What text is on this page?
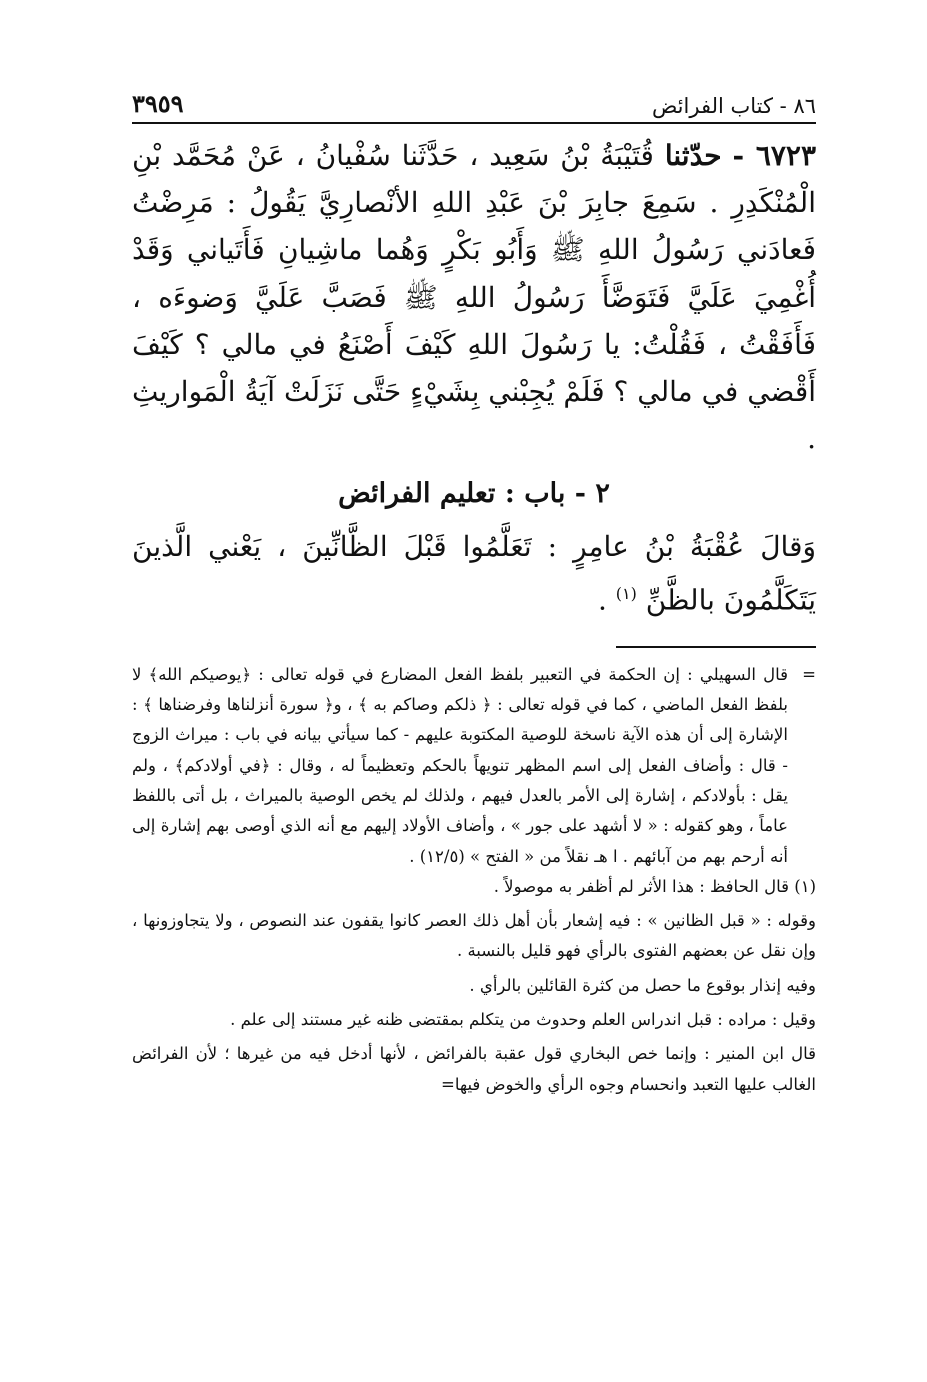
٨٦ - كتاب الفرائض
٣٩٥٩

٦٧٢٣ - حدّثنا قُتَيْبَةُ بْنُ سَعِيد ، حَدَّثَنا سُفْيانُ ، عَنْ مُحَمَّد بْنِ الْمُنْكَدِرِ . سَمِعَ جابِرَ بْنَ عَبْدِ اللهِ الأنْصارِيَّ يَقُولُ : مَرِضْتُ فَعادَني رَسُولُ اللهِ ﷺ وَأَبُو بَكْرٍ وَهُما ماشِيانِ فَأَتَياني وَقَدْ أُغْمِيَ عَلَيَّ فَتَوَضَّأَ رَسُولُ اللهِ ﷺ فَصَبَّ عَلَيَّ وَضوءَه ، فَأَفَقْتُ ، فَقُلْتُ: يا رَسُولَ اللهِ كَيْفَ أَصْنَعُ في مالي ؟ كَيْفَ أَقْضي في مالي ؟ فَلَمْ يُجِبْني بِشَيْءٍ حَتَّى نَزَلَتْ آيَةُ الْمَواريثِ .

٢ - باب : تعليم الفرائض

وَقالَ عُقْبَةُ بْنُ عامِرٍ : تَعَلَّمُوا قَبْلَ الظَّانِّينَ ، يَعْني الَّذينَ يَتَكَلَّمُونَ بالظَّنِّ $^{(١)}$ .

=
قال السهيلي : إن الحكمة في التعبير بلفظ الفعل المضارع في قوله تعالى : ﴿يوصيكم الله﴾ لا بلفظ الفعل الماضي ، كما في قوله تعالى : ﴿ ذلكم وصاكم به ﴾ ، و﴿ سورة أنزلناها وفرضناها ﴾ : الإشارة إلى أن هذه الآية ناسخة للوصية المكتوبة عليهم - كما سيأتي بيانه في باب : ميراث الزوج - قال : وأضاف الفعل إلى اسم المظهر تنويهاً بالحكم وتعظيماً له ، وقال : ﴿في أولادكم﴾ ، ولم يقل : بأولادكم ، إشارة إلى الأمر بالعدل فيهم ، ولذلك لم يخص الوصية بالميراث ، بل أتى باللفظ عاماً ، وهو كقوله : « لا أشهد على جور » ، وأضاف الأولاد إليهم مع أنه الذي أوصى بهم إشارة إلى أنه أرحم بهم من آبائهم . ا هـ نقلاً من « الفتح » (١٢/٥) .
(١) قال الحافظ : هذا الأثر لم أظفر به موصولاً .
وقوله : « قبل الظانين » : فيه إشعار بأن أهل ذلك العصر كانوا يقفون عند النصوص ، ولا يتجاوزونها ، وإن نقل عن بعضهم الفتوى بالرأي فهو قليل بالنسبة .
وفيه إنذار بوقوع ما حصل من كثرة القائلين بالرأي .
وقيل : مراده : قبل اندراس العلم وحدوث من يتكلم بمقتضى ظنه غير مستند إلى علم .
قال ابن المنير : وإنما خص البخاري قول عقبة بالفرائض ، لأنها أدخل فيه من غيرها ؛ لأن الفرائض الغالب عليها التعبد وانحسام وجوه الرأي والخوض فيها=
